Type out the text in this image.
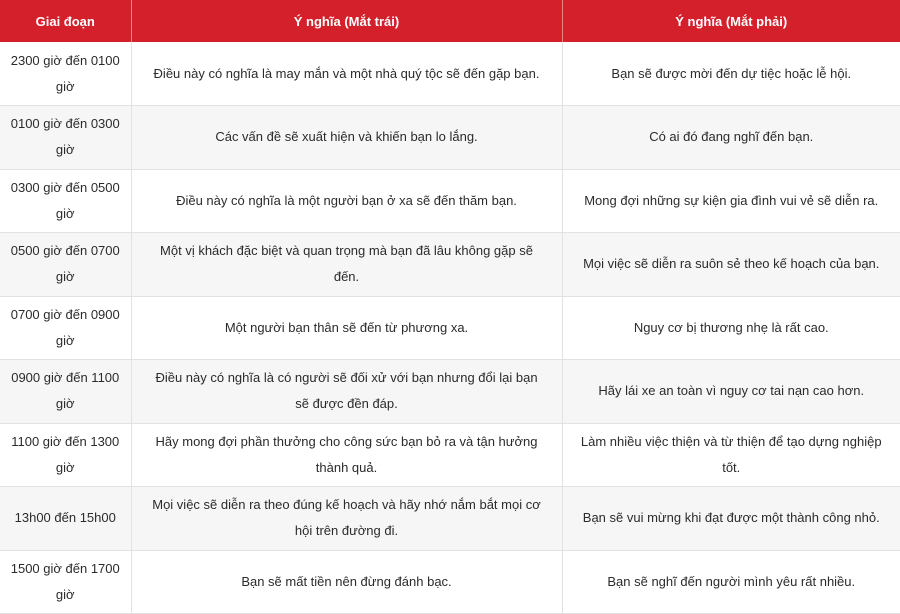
Giai đoạn	Ý nghĩa (Mắt trái)	Ý nghĩa (Mắt phải)
2300 giờ đến 0100 giờ	Điều này có nghĩa là may mắn và một nhà quý tộc sẽ đến gặp bạn.	Bạn sẽ được mời đến dự tiệc hoặc lễ hội.
0100 giờ đến 0300 giờ	Các vấn đề sẽ xuất hiện và khiến bạn lo lắng.	Có ai đó đang nghĩ đến bạn.
0300 giờ đến 0500 giờ	Điều này có nghĩa là một người bạn ở xa sẽ đến thăm bạn.	Mong đợi những sự kiện gia đình vui vẻ sẽ diễn ra.
0500 giờ đến 0700 giờ	Một vị khách đặc biệt và quan trọng mà bạn đã lâu không gặp sẽ đến.	Mọi việc sẽ diễn ra suôn sẻ theo kế hoạch của bạn.
0700 giờ đến 0900 giờ	Một người bạn thân sẽ đến từ phương xa.	Nguy cơ bị thương nhẹ là rất cao.
0900 giờ đến 1100 giờ	Điều này có nghĩa là có người sẽ đối xử với bạn nhưng đổi lại bạn sẽ được đền đáp.	Hãy lái xe an toàn vì nguy cơ tai nạn cao hơn.
1100 giờ đến 1300 giờ	Hãy mong đợi phần thưởng cho công sức bạn bỏ ra và tận hưởng thành quả.	Làm nhiều việc thiện và từ thiện để tạo dựng nghiệp tốt.
13h00 đến 15h00	Mọi việc sẽ diễn ra theo đúng kế hoạch và hãy nhớ nắm bắt mọi cơ hội trên đường đi.	Bạn sẽ vui mừng khi đạt được một thành công nhỏ.
1500 giờ đến 1700 giờ	Bạn sẽ mất tiền nên đừng đánh bạc.	Bạn sẽ nghĩ đến người mình yêu rất nhiều.
